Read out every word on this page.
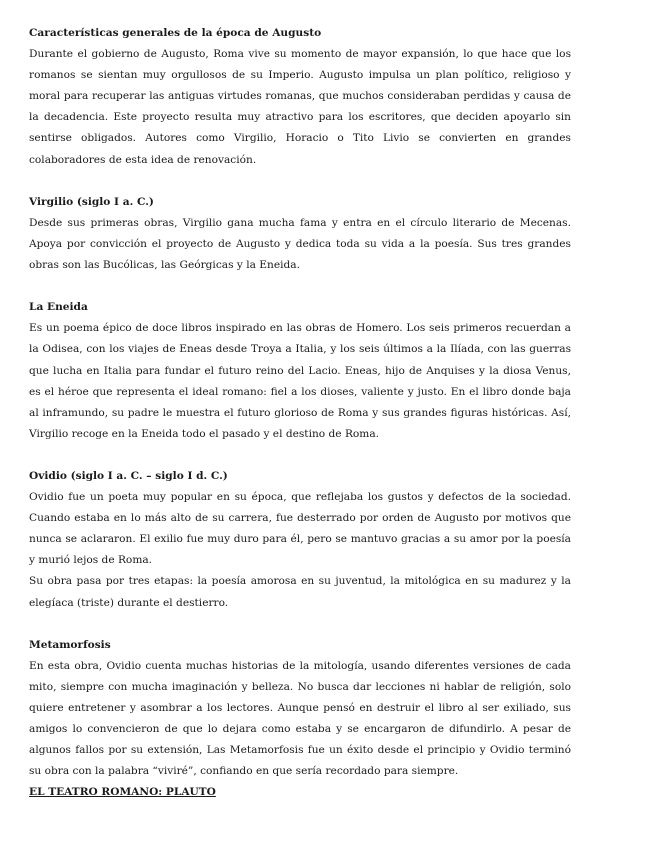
Características generales de la época de Augusto

Durante el gobierno de Augusto, Roma vive su momento de mayor expansión, lo que hace que los romanos se sientan muy orgullosos de su Imperio. Augusto impulsa un plan político, religioso y moral para recuperar las antiguas virtudes romanas, que muchos consideraban perdidas y causa de la decadencia. Este proyecto resulta muy atractivo para los escritores, que deciden apoyarlo sin sentirse obligados. Autores como Virgilio, Horacio o Tito Livio se convierten en grandes colaboradores de esta idea de renovación.

Virgilio (siglo I a. C.)

Desde sus primeras obras, Virgilio gana mucha fama y entra en el círculo literario de Mecenas. Apoya por convicción el proyecto de Augusto y dedica toda su vida a la poesía. Sus tres grandes obras son las Bucólicas, las Geórgicas y la Eneida.

La Eneida

Es un poema épico de doce libros inspirado en las obras de Homero. Los seis primeros recuerdan a la Odisea, con los viajes de Eneas desde Troya a Italia, y los seis últimos a la Ilíada, con las guerras que lucha en Italia para fundar el futuro reino del Lacio. Eneas, hijo de Anquises y la diosa Venus, es el héroe que representa el ideal romano: fiel a los dioses, valiente y justo. En el libro donde baja al inframundo, su padre le muestra el futuro glorioso de Roma y sus grandes figuras históricas. Así, Virgilio recoge en la Eneida todo el pasado y el destino de Roma.

Ovidio (siglo I a. C. – siglo I d. C.)

Ovidio fue un poeta muy popular en su época, que reflejaba los gustos y defectos de la sociedad. Cuando estaba en lo más alto de su carrera, fue desterrado por orden de Augusto por motivos que nunca se aclararon. El exilio fue muy duro para él, pero se mantuvo gracias a su amor por la poesía y murió lejos de Roma.

Su obra pasa por tres etapas: la poesía amorosa en su juventud, la mitológica en su madurez y la elegíaca (triste) durante el destierro.

Metamorfosis

En esta obra, Ovidio cuenta muchas historias de la mitología, usando diferentes versiones de cada mito, siempre con mucha imaginación y belleza. No busca dar lecciones ni hablar de religión, solo quiere entretener y asombrar a los lectores. Aunque pensó en destruir el libro al ser exiliado, sus amigos lo convencieron de que lo dejara como estaba y se encargaron de difundirlo. A pesar de algunos fallos por su extensión, Las Metamorfosis fue un éxito desde el principio y Ovidio terminó su obra con la palabra “viviré”, confiando en que sería recordado para siempre.

EL TEATRO ROMANO: PLAUTO
